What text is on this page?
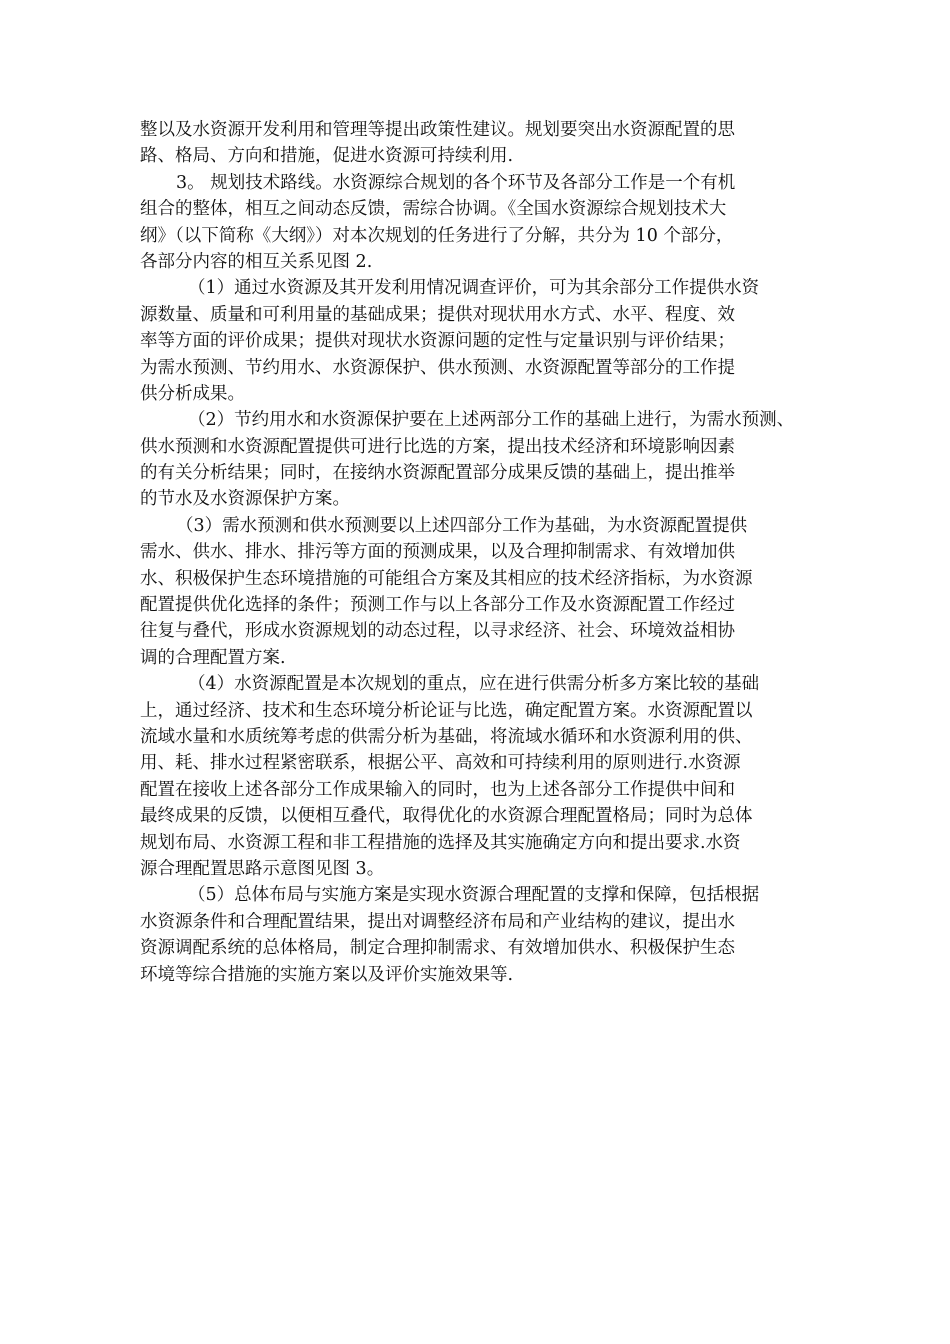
整以及水资源开发利用和管理等提出政策性建议。规划要突出水资源配置的思
路、格局、方向和措施，促进水资源可持续利用.
3。 规划技术路线。水资源综合规划的各个环节及各部分工作是一个有机
组合的整体，相互之间动态反馈，需综合协调。《全国水资源综合规划技术大
纲》（以下简称《大纲》）对本次规划的任务进行了分解，共分为 10 个部分，
各部分内容的相互关系见图 2.
（1）通过水资源及其开发利用情况调查评价，可为其余部分工作提供水资
源数量、质量和可利用量的基础成果；提供对现状用水方式、水平、程度、效
率等方面的评价成果；提供对现状水资源问题的定性与定量识别与评价结果；
为需水预测、节约用水、水资源保护、供水预测、水资源配置等部分的工作提
供分析成果。
（2）节约用水和水资源保护要在上述两部分工作的基础上进行，为需水预测、
供水预测和水资源配置提供可进行比选的方案，提出技术经济和环境影响因素
的有关分析结果；同时，在接纳水资源配置部分成果反馈的基础上，提出推举
的节水及水资源保护方案。
（3）需水预测和供水预测要以上述四部分工作为基础，为水资源配置提供
需水、供水、排水、排污等方面的预测成果，以及合理抑制需求、有效增加供
水、积极保护生态环境措施的可能组合方案及其相应的技术经济指标，为水资源
配置提供优化选择的条件；预测工作与以上各部分工作及水资源配置工作经过
往复与叠代，形成水资源规划的动态过程，以寻求经济、社会、环境效益相协
调的合理配置方案.
（4）水资源配置是本次规划的重点，应在进行供需分析多方案比较的基础
上，通过经济、技术和生态环境分析论证与比选，确定配置方案。水资源配置以
流域水量和水质统筹考虑的供需分析为基础，将流域水循环和水资源利用的供、
用、耗、排水过程紧密联系，根据公平、高效和可持续利用的原则进行.水资源
配置在接收上述各部分工作成果输入的同时，也为上述各部分工作提供中间和
最终成果的反馈，以便相互叠代，取得优化的水资源合理配置格局；同时为总体
规划布局、水资源工程和非工程措施的选择及其实施确定方向和提出要求.水资
源合理配置思路示意图见图 3。
（5）总体布局与实施方案是实现水资源合理配置的支撑和保障，包括根据
水资源条件和合理配置结果，提出对调整经济布局和产业结构的建议，提出水
资源调配系统的总体格局，制定合理抑制需求、有效增加供水、积极保护生态
环境等综合措施的实施方案以及评价实施效果等.
